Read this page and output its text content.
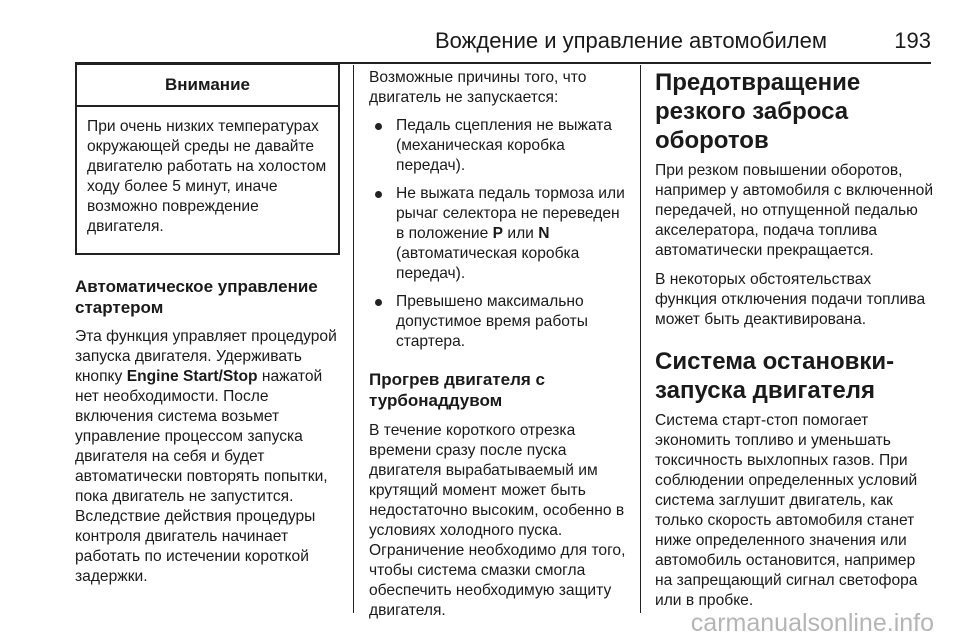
Вождение и управление автомобилем	193
Внимание

При очень низких температурах окружающей среды не давайте двигателю работать на холостом ходу более 5 минут, иначе возможно повреждение двигателя.

Автоматическое управление стартером

Эта функция управляет процедурой запуска двигателя. Удерживать кнопку Engine Start/Stop нажатой нет необходимости. После включения система возьмет управление процессом запуска двигателя на себя и будет автоматически повторять попытки, пока двигатель не запустится. Вследствие действия процедуры контроля двигатель начинает работать по истечении короткой задержки.

Возможные причины того, что двигатель не запускается:

Педаль сцепления не выжата (механическая коробка передач).
Не выжата педаль тормоза или рычаг селектора не переведен в положение P или N (автоматическая коробка передач).
Превышено максимально допустимое время работы стартера.
Прогрев двигателя с турбонаддувом

В течение короткого отрезка времени сразу после пуска двигателя вырабатываемый им крутящий момент может быть недостаточно высоким, особенно в условиях холодного пуска. Ограничение необходимо для того, чтобы система смазки смогла обеспечить необходимую защиту двигателя.

Предотвращение резкого заброса оборотов

При резком повышении оборотов, например у автомобиля с включенной передачей, но отпущенной педалью акселератора, подача топлива автоматически прекращается.

В некоторых обстоятельствах функция отключения подачи топлива может быть деактивирована.

Система остановки-запуска двигателя

Система старт-стоп помогает экономить топливо и уменьшать токсичность выхлопных газов. При соблюдении определенных условий система заглушит двигатель, как только скорость автомобиля станет ниже определенного значения или автомобиль остановится, например на запрещающий сигнал светофора или в пробке.

carmanualsonline.info
